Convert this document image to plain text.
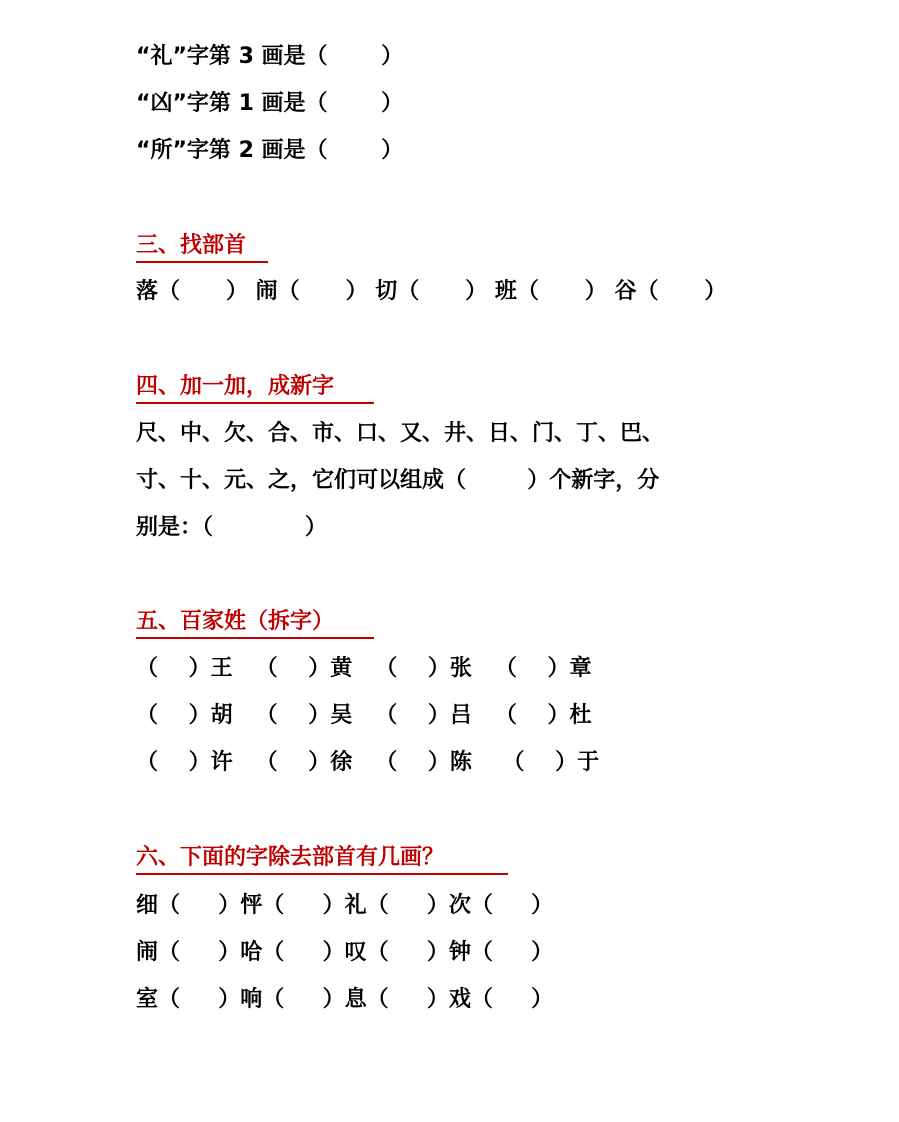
“礼”字第 3 画是（       ）
“凶”字第 1 画是（       ）
“所”字第 2 画是（       ）
三、找部首
落（      ） 闹（      ） 切（      ） 班（      ） 谷（      ）
四、加一加，成新字
尺、中、欠、合、市、口、又、井、日、门、丁、巴、
寸、十、元、之，它们可以组成（        ）个新字，分
别是：（            ）
五、百家姓（拆字）
（    ）王   （    ）黄   （    ）张   （    ）章
（    ）胡   （    ）吴   （    ）吕   （    ）杜
（    ）许   （    ）徐   （    ）陈    （    ）于
六、下面的字除去部首有几画？
细（     ）怦（     ）礼（     ）次（     ）
闹（     ）哈（     ）叹（     ）钟（     ）
室（     ）响（     ）息（     ）戏（     ）
